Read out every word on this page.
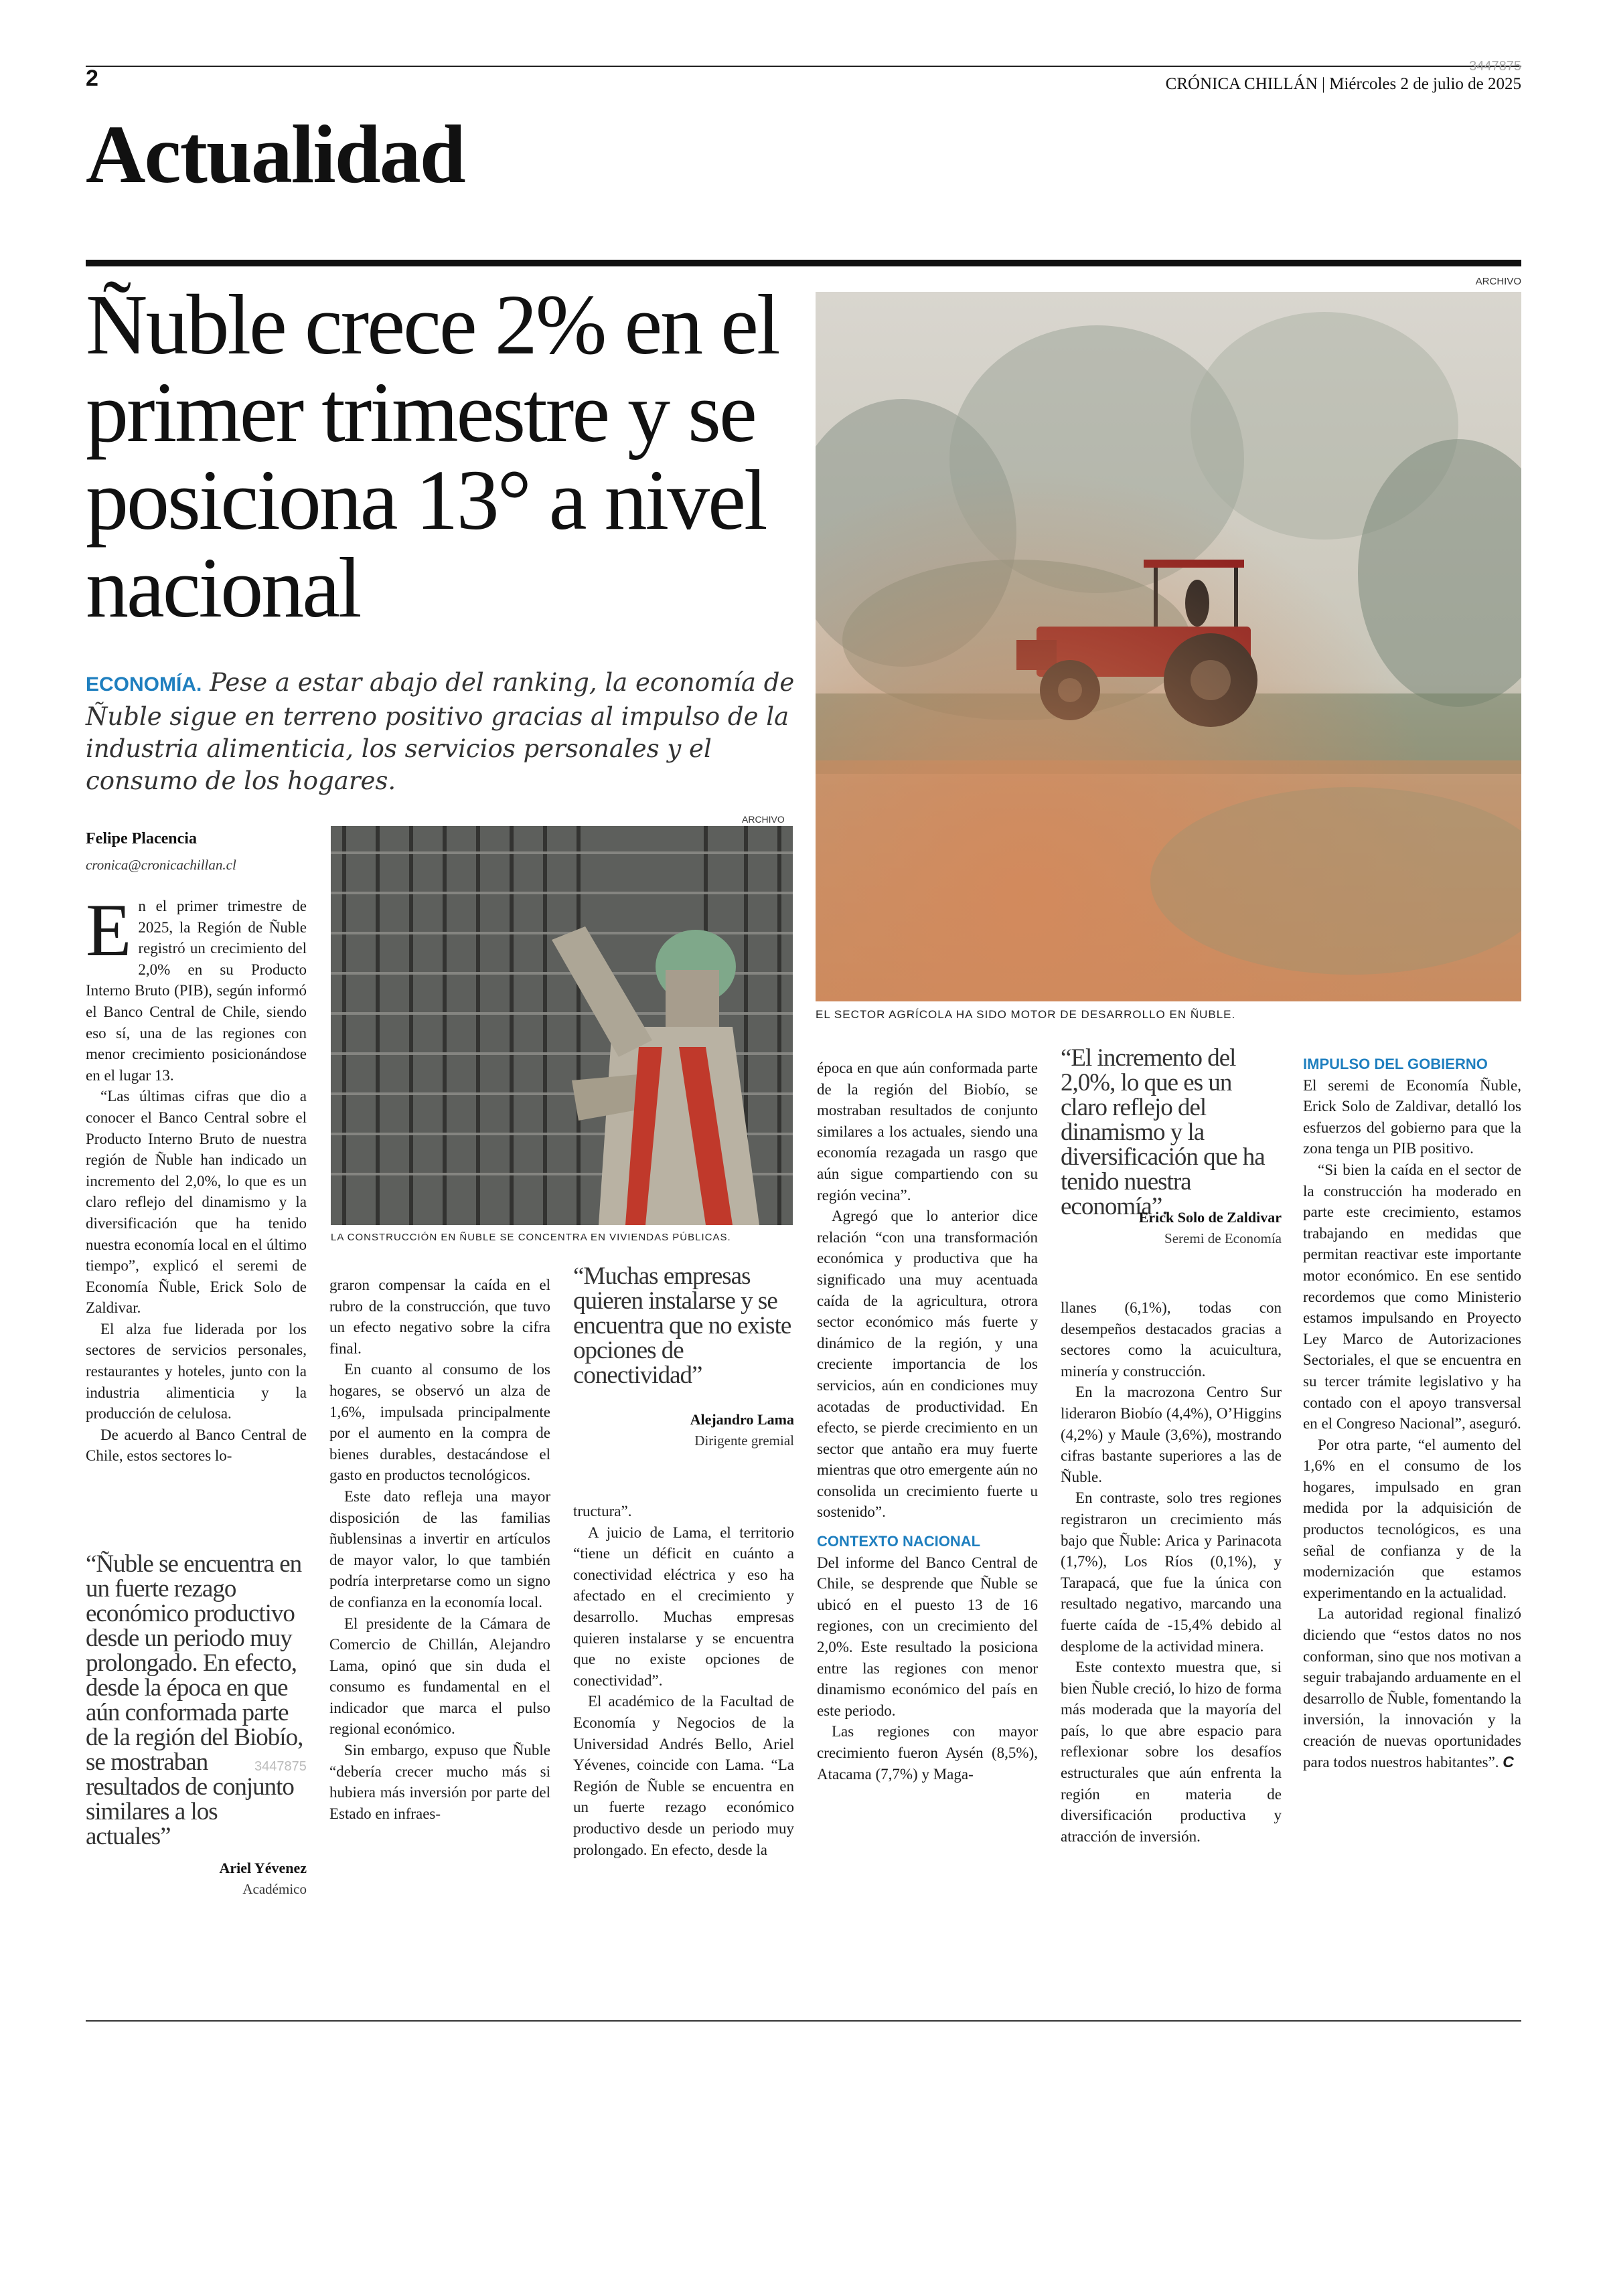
2	3447875
CRÓNICA CHILLÁN | Miércoles 2 de julio de 2025
Actualidad
Ñuble crece 2% en el primer trimestre y se posiciona 13° a nivel nacional
ECONOMÍA. Pese a estar abajo del ranking, la economía de Ñuble sigue en terreno positivo gracias al impulso de la industria alimenticia, los servicios personales y el consumo de los hogares.
ARCHIVO
EL SECTOR AGRÍCOLA HA SIDO MOTOR DE DESARROLLO EN ÑUBLE.
Felipe Placencia
cronica@cronicachillan.cl
ARCHIVO
LA CONSTRUCCIÓN EN ÑUBLE SE CONCENTRA EN VIVIENDAS PÚBLICAS.
E n el primer trimestre de 2025, la Región de Ñuble registró un crecimiento del 2,0% en su Producto Interno Bruto (PIB), según informó el Banco Central de Chile, siendo eso sí, una de las regiones con menor crecimiento posicionándose en el lugar 13.

“Las últimas cifras que dio a conocer el Banco Central sobre el Producto Interno Bruto de nuestra región de Ñuble han indicado un incremento del 2,0%, lo que es un claro reflejo del dinamismo y la diversificación que ha tenido nuestra economía local en el último tiempo”, explicó el seremi de Economía Ñuble, Erick Solo de Zaldivar.

El alza fue liderada por los sectores de servicios personales, restaurantes y hoteles, junto con la industria alimenticia y la producción de celulosa.

De acuerdo al Banco Central de Chile, estos sectores lo-

“Ñuble se encuentra en un fuerte rezago económico productivo desde un periodo muy prolongado. En efecto, desde la época en que aún conformada parte de la región del Biobío, se mostraban resultados de conjunto similares a los actuales”
Ariel Yévenez
Académico
3447875

graron compensar la caída en el rubro de la construcción, que tuvo un efecto negativo sobre la cifra final.

En cuanto al consumo de los hogares, se observó un alza de 1,6%, impulsada principalmente por el aumento en la compra de bienes durables, destacándose el gasto en productos tecnológicos.

Este dato refleja una mayor disposición de las familias ñublensinas a invertir en artículos de mayor valor, lo que también podría interpretarse como un signo de confianza en la economía local.

El presidente de la Cámara de Comercio de Chillán, Alejandro Lama, opinó que sin duda el consumo es fundamental en el indicador que marca el pulso regional económico.

Sin embargo, expuso que Ñuble “debería crecer mucho más si hubiera más inversión por parte del Estado en infraes-

“Muchas empresas quieren instalarse y se encuentra que no existe opciones de conectividad”
Alejandro Lama
Dirigente gremial

tructura”.

A juicio de Lama, el territorio “tiene un déficit en cuánto a conectividad eléctrica y eso ha afectado en el crecimiento y desarrollo. Muchas empresas quieren instalarse y se encuentra que no existe opciones de conectividad”.

El académico de la Facultad de Economía y Negocios de la Universidad Andrés Bello, Ariel Yévenes, coincide con Lama. “La Región de Ñuble se encuentra en un fuerte rezago económico productivo desde un periodo muy prolongado. En efecto, desde la

época en que aún conformada parte de la región del Biobío, se mostraban resultados de conjunto similares a los actuales, siendo una economía rezagada un rasgo que aún sigue compartiendo con su región vecina”.

Agregó que lo anterior dice relación “con una transformación económica y productiva que ha significado una muy acentuada caída de la agricultura, otrora sector económico más fuerte y dinámico de la región, y una creciente importancia de los servicios, aún en condiciones muy acotadas de productividad. En efecto, se pierde crecimiento en un sector que antaño era muy fuerte mientras que otro emergente aún no consolida un crecimiento fuerte u sostenido”.

CONTEXTO NACIONAL

Del informe del Banco Central de Chile, se desprende que Ñuble se ubicó en el puesto 13 de 16 regiones, con un crecimiento del 2,0%. Este resultado la posiciona entre las regiones con menor dinamismo económico del país en este periodo.

Las regiones con mayor crecimiento fueron Aysén (8,5%), Atacama (7,7%) y Maga-

“El incremento del 2,0%, lo que es un claro reflejo del dinamismo y la diversificación que ha tenido nuestra economía”.
Erick Solo de Zaldivar
Seremi de Economía

llanes (6,1%), todas con desempeños destacados gracias a sectores como la acuicultura, minería y construcción.

En la macrozona Centro Sur lideraron Biobío (4,4%), O’Higgins (4,2%) y Maule (3,6%), mostrando cifras bastante superiores a las de Ñuble.

En contraste, solo tres regiones registraron un crecimiento más bajo que Ñuble: Arica y Parinacota (1,7%), Los Ríos (0,1%), y Tarapacá, que fue la única con resultado negativo, marcando una fuerte caída de -15,4% debido al desplome de la actividad minera.

Este contexto muestra que, si bien Ñuble creció, lo hizo de forma más moderada que la mayoría del país, lo que abre espacio para reflexionar sobre los desafíos estructurales que aún enfrenta la región en materia de diversificación productiva y atracción de inversión.

IMPULSO DEL GOBIERNO

El seremi de Economía Ñuble, Erick Solo de Zaldivar, detalló los esfuerzos del gobierno para que la zona tenga un PIB positivo.

“Si bien la caída en el sector de la construcción ha moderado en parte este crecimiento, estamos trabajando en medidas que permitan reactivar este importante motor económico. En ese sentido recordemos que como Ministerio estamos impulsando en Proyecto Ley Marco de Autorizaciones Sectoriales, el que se encuentra en su tercer trámite legislativo y ha contado con el apoyo transversal en el Congreso Nacional”, aseguró.

Por otra parte, “el aumento del 1,6% en el consumo de los hogares, impulsado en gran medida por la adquisición de productos tecnológicos, es una señal de confianza y de la modernización que estamos experimentando en la actualidad.

La autoridad regional finalizó diciendo que “estos datos no nos conforman, sino que nos motivan a seguir trabajando arduamente en el desarrollo de Ñuble, fomentando la inversión, la innovación y la creación de nuevas oportunidades para todos nuestros habitantes”. C
